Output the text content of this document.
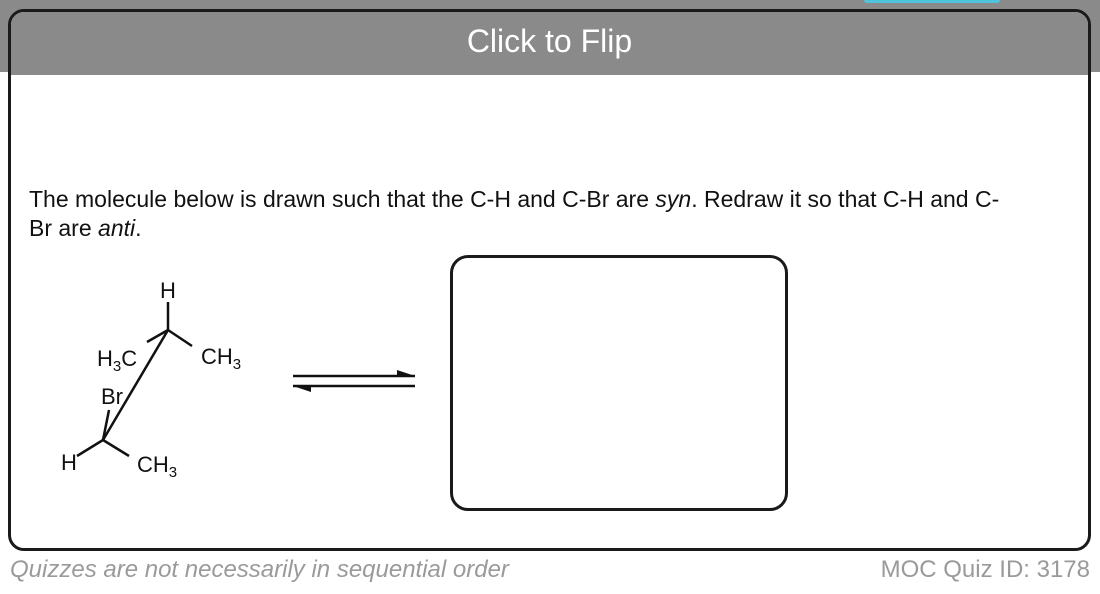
Click to Flip
The molecule below is drawn such that the C-H and C-Br are syn. Redraw it so that C-H and C-Br are anti.
H
$H_3C$	$CH_3$
Br
H	$CH_3$
Quizzes are not necessarily in sequential order	MOC Quiz ID: 3178
